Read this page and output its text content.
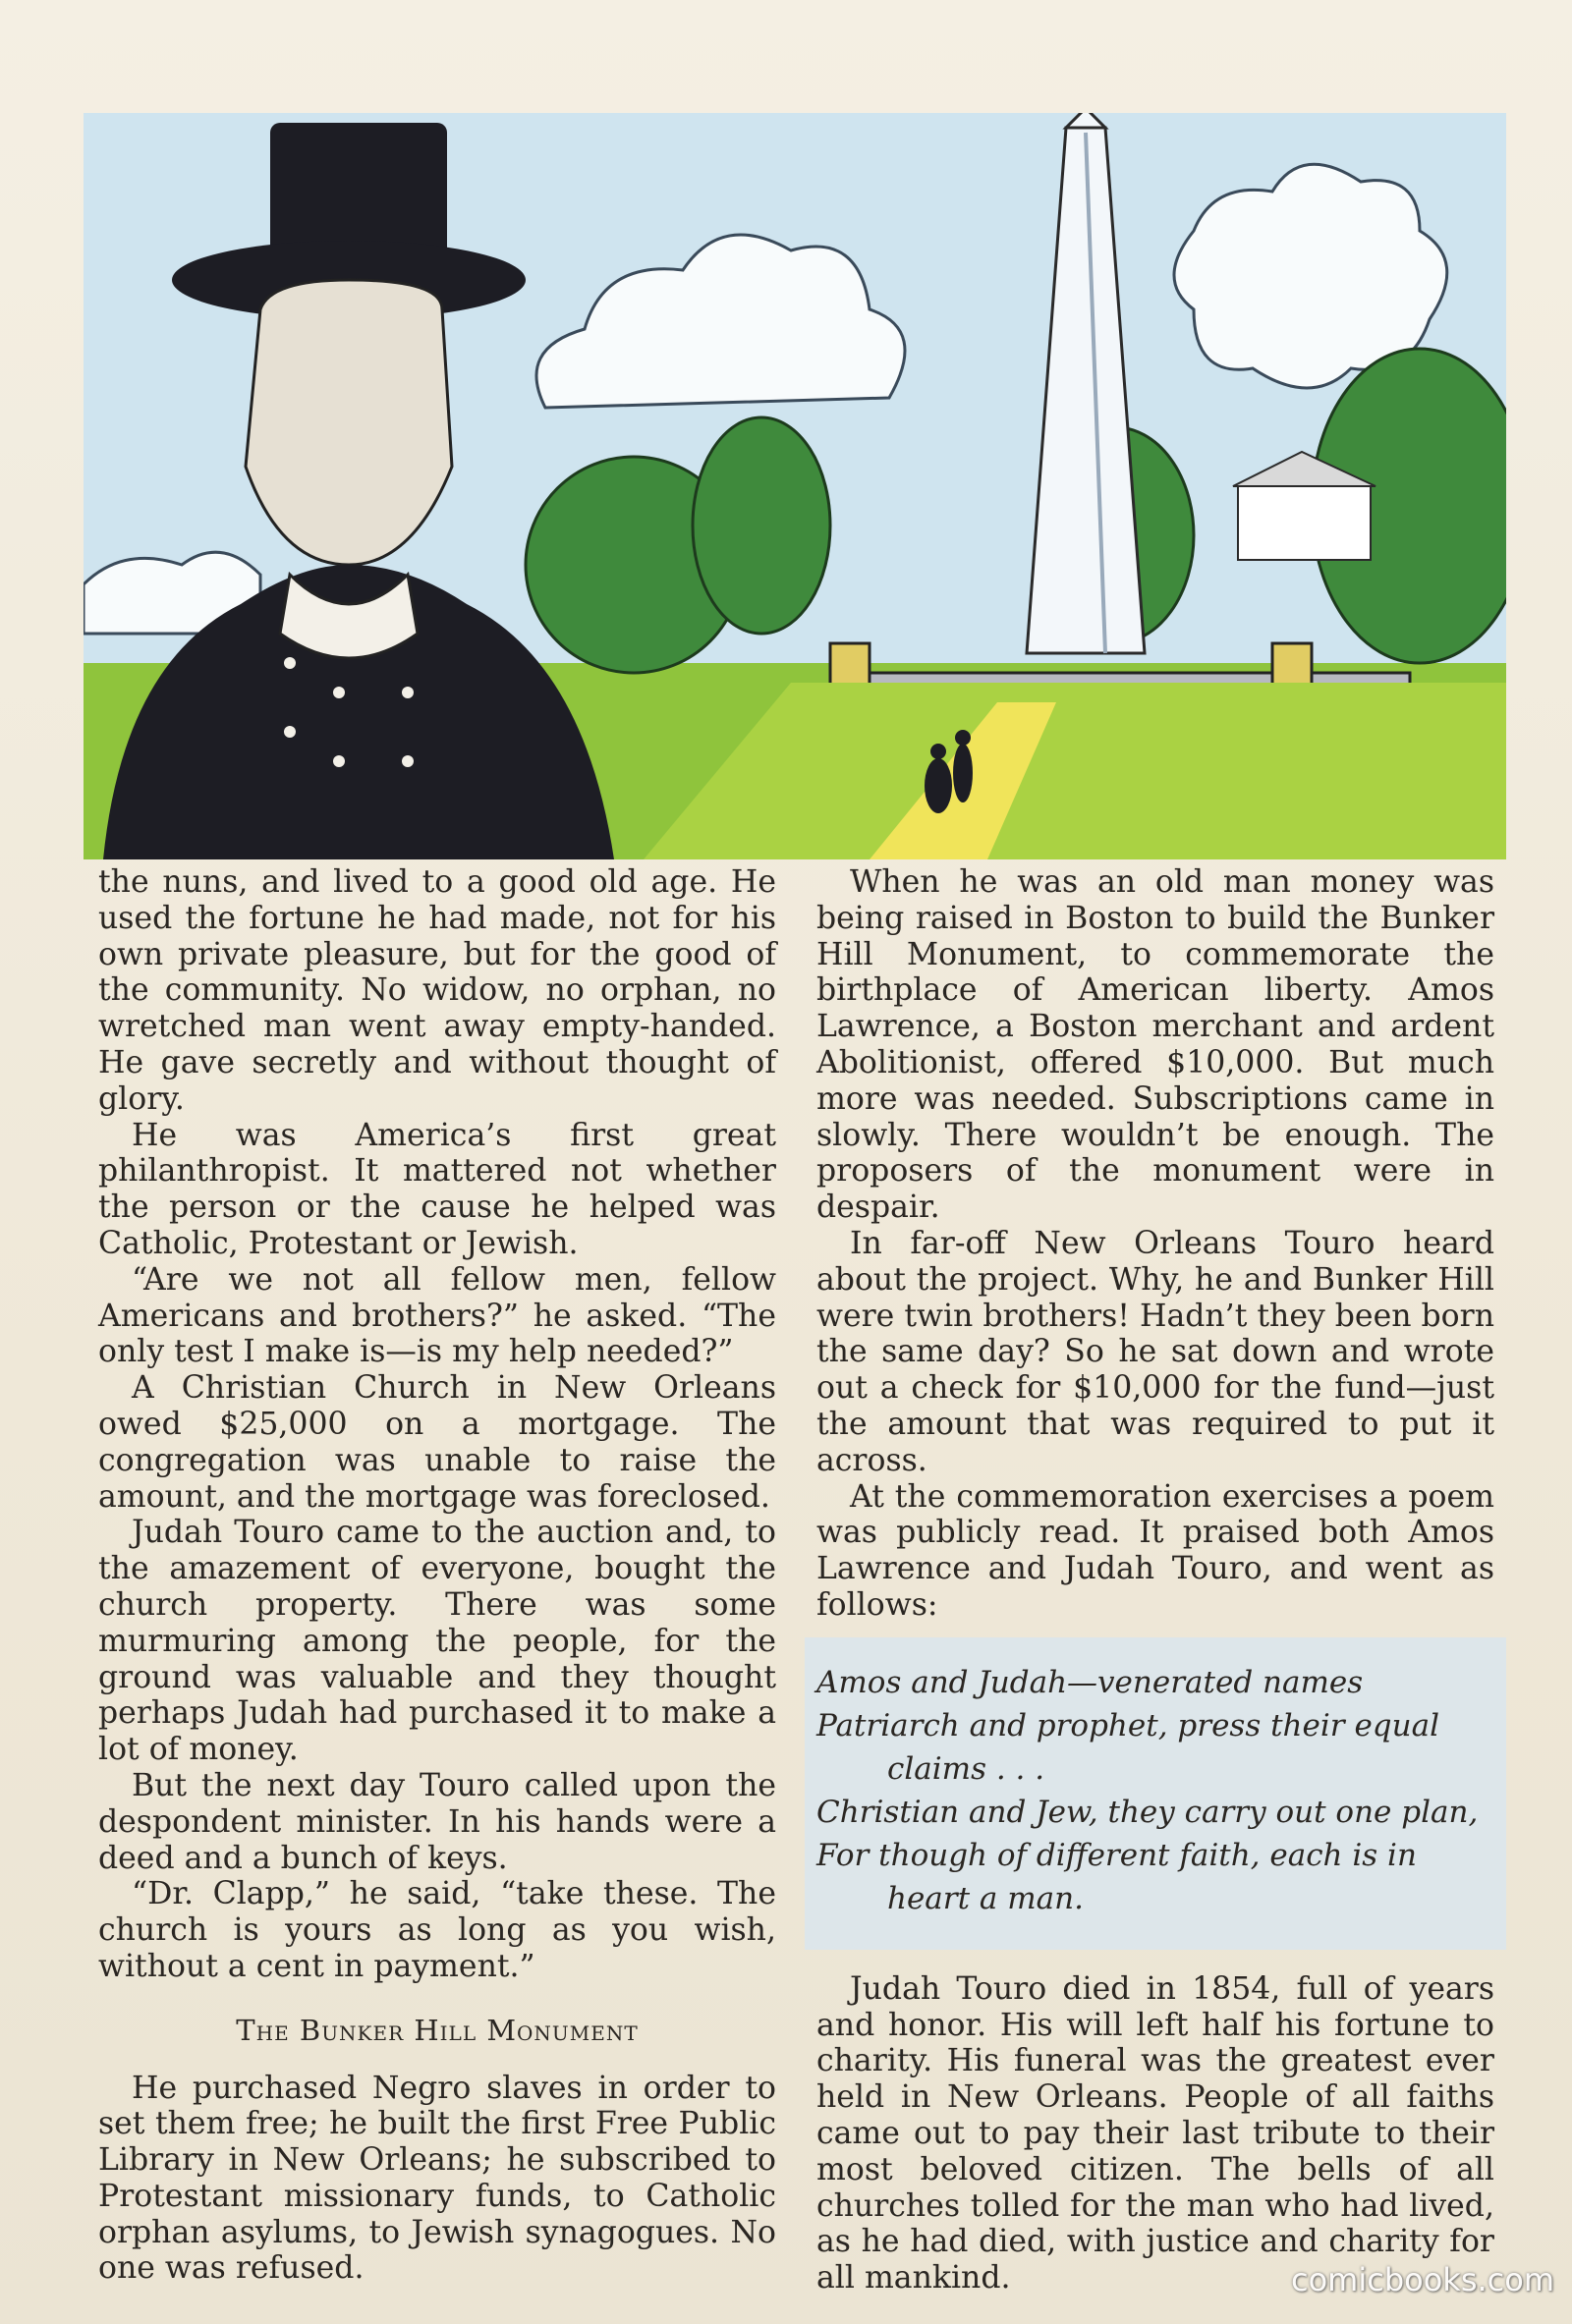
the nuns, and lived to a good old age. He used the fortune he had made, not for his own private pleasure, but for the good of the community. No widow, no orphan, no wretched man went away empty-handed. He gave secretly and without thought of glory.

He was America’s first great philanthropist. It mattered not whether the person or the cause he helped was Catholic, Protestant or Jewish.

“Are we not all fellow men, fellow Americans and brothers?” he asked. “The only test I make is—is my help needed?”

A Christian Church in New Orleans owed $25,000 on a mortgage. The congregation was unable to raise the amount, and the mortgage was foreclosed.

Judah Touro came to the auction and, to the amazement of everyone, bought the church property. There was some murmuring among the people, for the ground was valuable and they thought perhaps Judah had purchased it to make a lot of money.

But the next day Touro called upon the despondent minister. In his hands were a deed and a bunch of keys.

“Dr. Clapp,” he said, “take these. The church is yours as long as you wish, without a cent in payment.”

The Bunker Hill Monument

He purchased Negro slaves in order to set them free; he built the first Free Public Library in New Orleans; he subscribed to Protestant missionary funds, to Catholic orphan asylums, to Jewish synagogues. No one was refused.

When he was an old man money was being raised in Boston to build the Bunker Hill Monument, to commemorate the birthplace of American liberty. Amos Lawrence, a Boston merchant and ardent Abolitionist, offered $10,000. But much more was needed. Subscriptions came in slowly. There wouldn’t be enough. The proposers of the monument were in despair.

In far-off New Orleans Touro heard about the project. Why, he and Bunker Hill were twin brothers! Hadn’t they been born the same day? So he sat down and wrote out a check for $10,000 for the fund—just the amount that was required to put it across.

At the commemoration exercises a poem was publicly read. It praised both Amos Lawrence and Judah Touro, and went as follows:

Amos and Judah—venerated names
Patriarch and prophet, press their equal
claims . . .
Christian and Jew, they carry out one plan,
For though of different faith, each is in
heart a man.

Judah Touro died in 1854, full of years and honor. His will left half his fortune to charity. His funeral was the greatest ever held in New Orleans. People of all faiths came out to pay their last tribute to their most beloved citizen. The bells of all churches tolled for the man who had lived, as he had died, with justice and charity for all mankind.	comicbooks.com
